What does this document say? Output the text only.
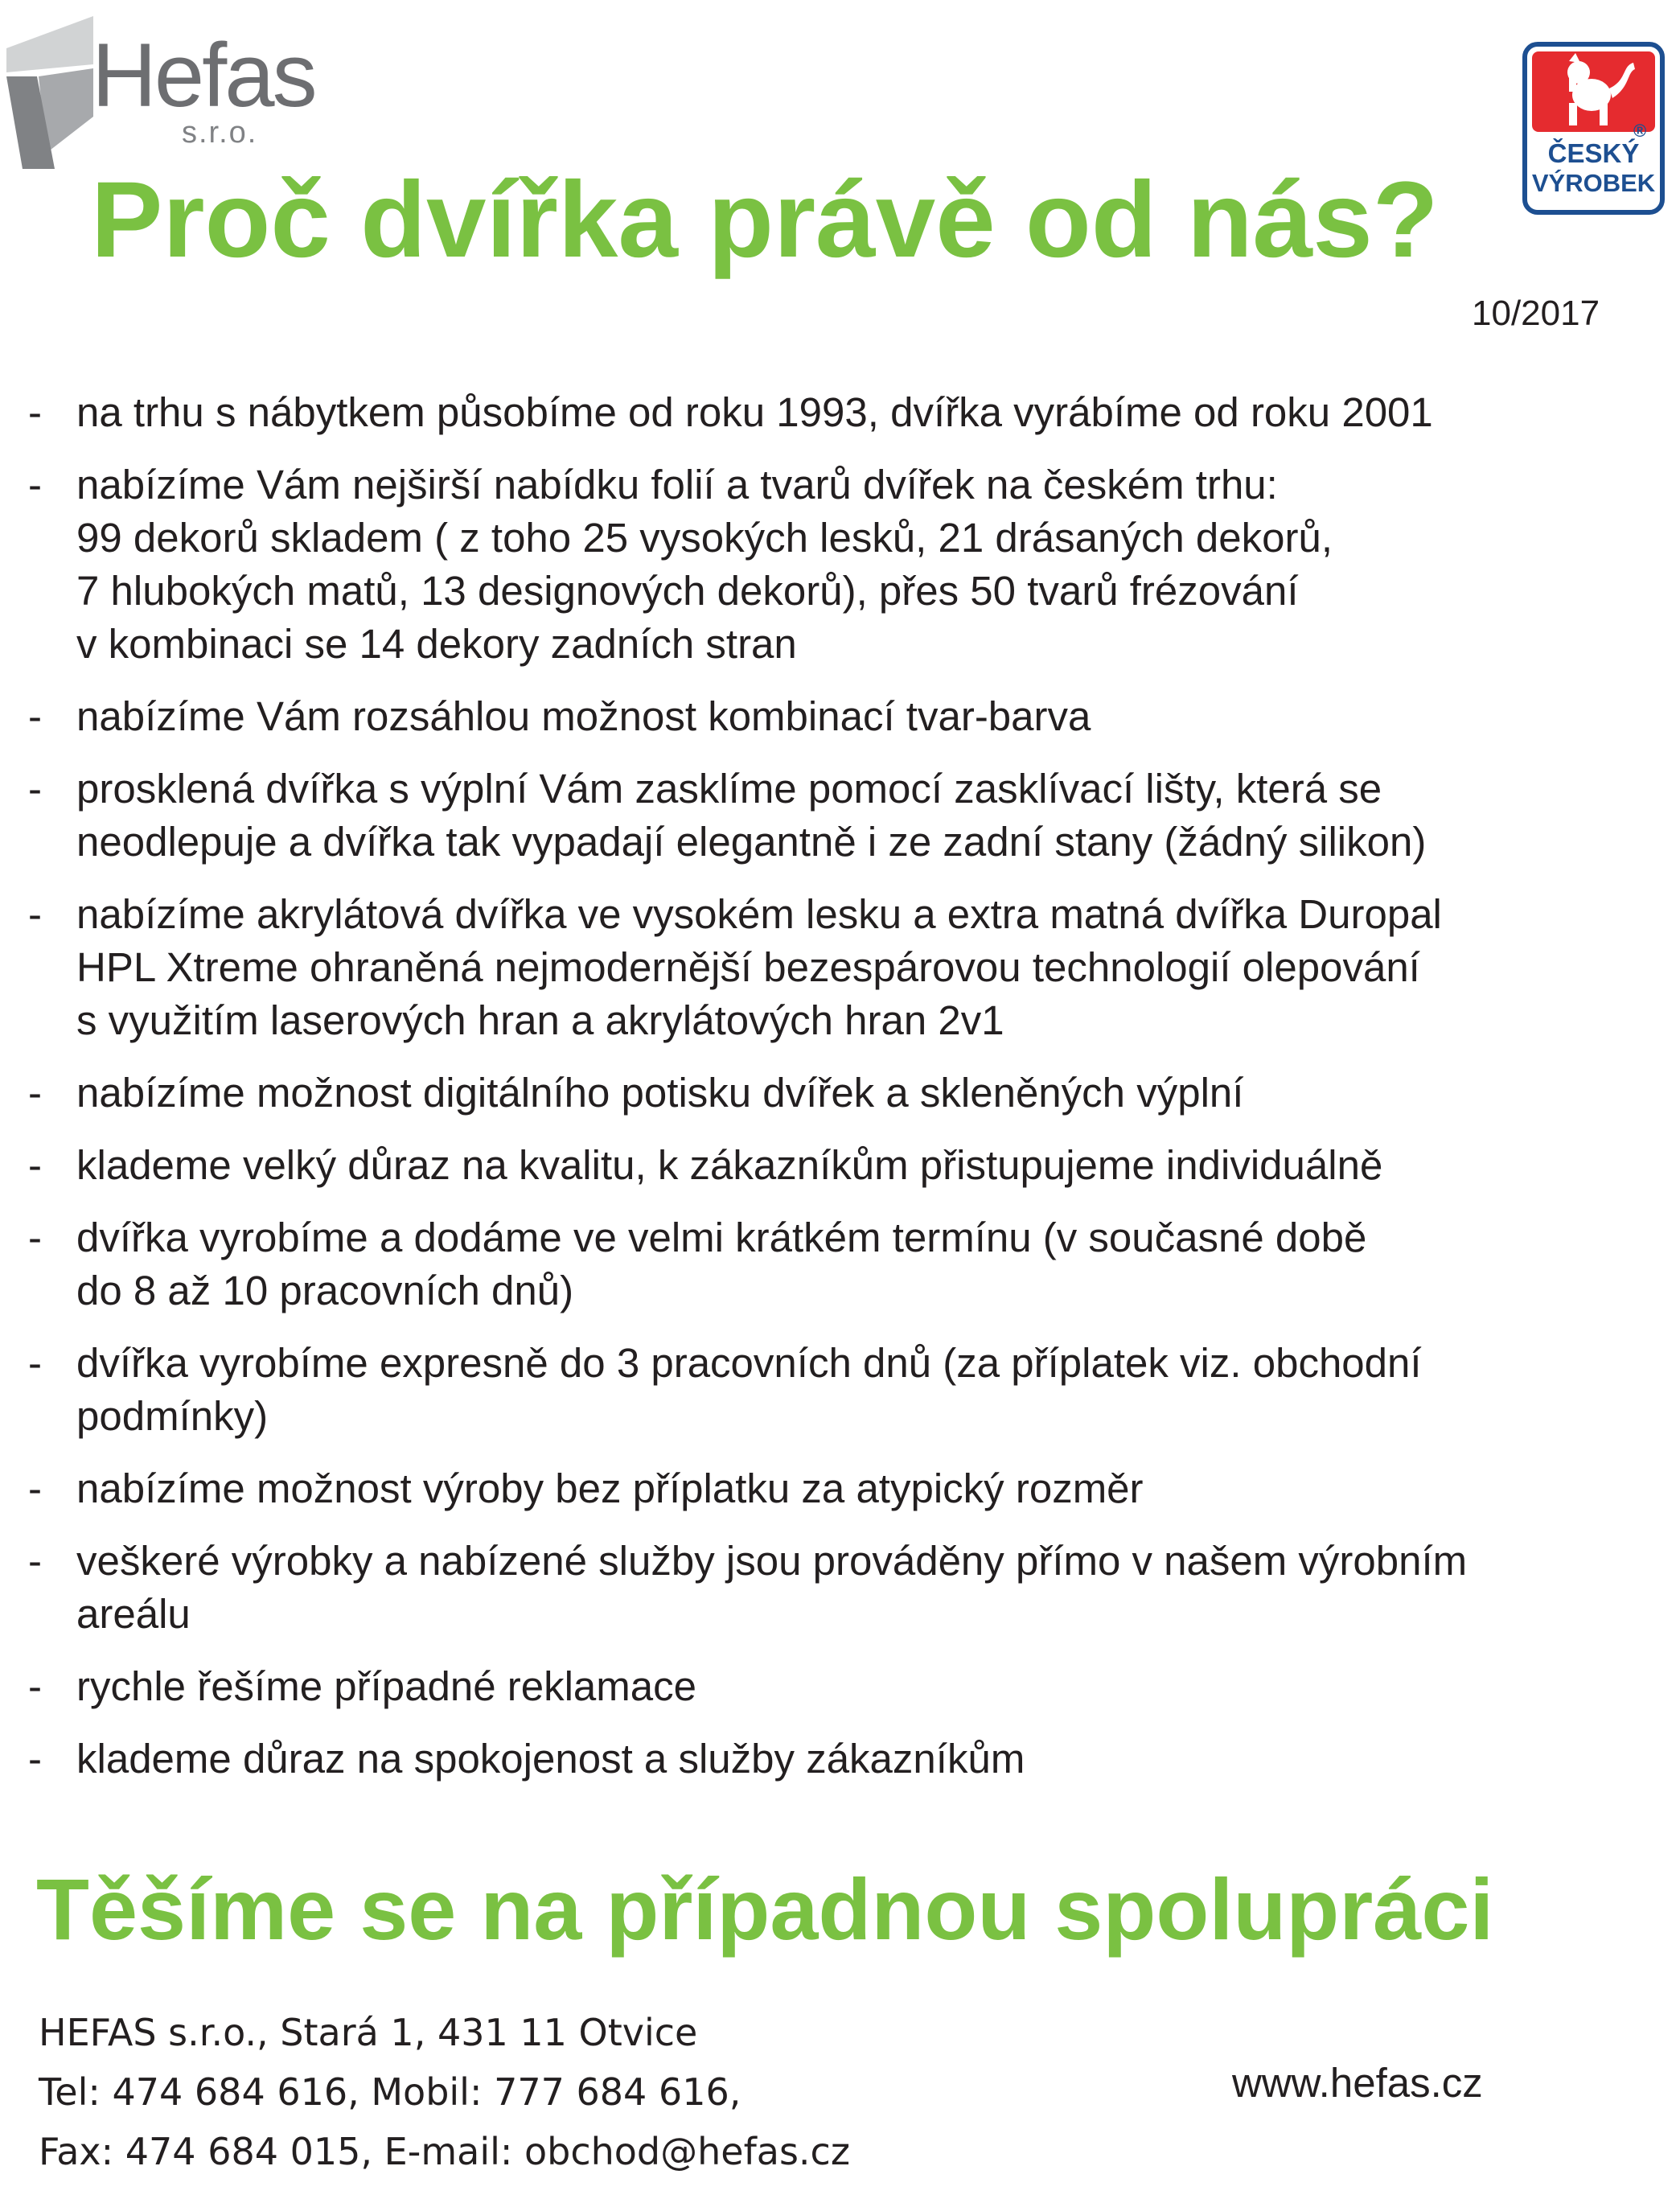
Hefas
s.r.o.	®
ČESKÝ
VÝROBEK
Proč dvířka právě od nás?
10/2017
- na trhu s nábytkem působíme od roku 1993, dvířka vyrábíme od roku 2001
- nabízíme Vám nejširší nabídku folií a tvarů dvířek na českém trhu:
99 dekorů skladem ( z toho 25 vysokých lesků, 21 drásaných dekorů,
7 hlubokých matů, 13 designových dekorů), přes 50 tvarů frézování
v kombinaci se 14 dekory zadních stran
- nabízíme Vám rozsáhlou možnost kombinací tvar-barva
- prosklená dvířka s výplní Vám zasklíme pomocí zasklívací lišty, která se
neodlepuje a dvířka tak vypadají elegantně i ze zadní stany (žádný silikon)
- nabízíme akrylátová dvířka ve vysokém lesku a extra matná dvířka Duropal
HPL Xtreme ohraněná nejmodernější bezespárovou technologií olepování
s využitím laserových hran a akrylátových hran 2v1
- nabízíme možnost digitálního potisku dvířek a skleněných výplní
- klademe velký důraz na kvalitu, k zákazníkům přistupujeme individuálně
- dvířka vyrobíme a dodáme ve velmi krátkém termínu (v současné době
do 8 až 10 pracovních dnů)
- dvířka vyrobíme expresně do 3 pracovních dnů (za příplatek viz. obchodní
podmínky)
- nabízíme možnost výroby bez příplatku za atypický rozměr
- veškeré výrobky a nabízené služby jsou prováděny přímo v našem výrobním
areálu
- rychle řešíme případné reklamace
- klademe důraz na spokojenost a služby zákazníkům
Těšíme se na případnou spolupráci
HEFAS s.r.o., Stará 1, 431 11 Otvice
Tel: 474 684 616, Mobil: 777 684 616,
Fax: 474 684 015, E-mail: obchod@hefas.cz
www.hefas.cz
